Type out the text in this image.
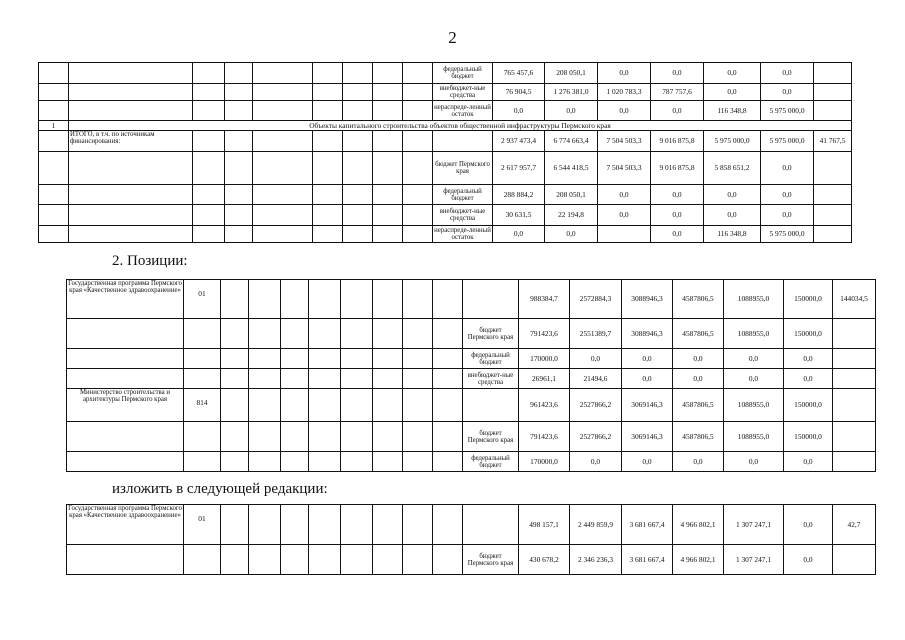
2
									федеральный бюджет	765 457,6	208 050,1	0,0	0,0	0,0	0,0	
									внебюджет-ные средства	76 904,5	1 276 381,0	1 020 783,3	787 757,6	0,0	0,0	
									нераспреде-ленный остаток	0,0	0,0	0,0	0,0	116 348,8	5 975 000,0	
1	Объекты капитального строительства объектов общественной инфраструктуры Пермского края															
	ИТОГО, в т.ч. по источникам финансирования:									2 937 473,4	6 774 663,4	7 504 503,3	9 016 875,8	5 975 000,0	5 975 000,0	41 767,5
									бюджет Пермского края	2 617 957,7	6 544 418,5	7 504 503,3	9 016 875,8	5 858 651,2	0,0	
									федеральный бюджет	288 884,2	208 050,1	0,0	0,0	0,0	0,0	
									внебюджет-ные средства	30 631,5	22 194,8	0,0	0,0	0,0	0,0	
									нераспреде-ленный остаток	0,0	0,0		0,0	116 348,8	5 975 000,0	
2. Позиции:
Государственная программа Пермского края «Качественное здравоохранение»	01										988384,7	2572884,3	3088946,3	4587806,5	1088955,0	150000,0	144034,5
										бюджет Пермского края	791423,6	2551389,7	3088946,3	4587806,5	1088955,0	150000,0	
										федеральный бюджет	170000,0	0,0	0,0	0,0	0,0	0,0	
										внебюджет-ные средства	26961,1	21494,6	0,0	0,0	0,0	0,0	
Министерство строительства и архитектуры Пермского края	814										961423,6	2527866,2	3069146,3	4587806,5	1088955,0	150000,0	
										бюджет Пермского края	791423,6	2527866,2	3069146,3	4587806,5	1088955,0	150000,0	
										федеральный бюджет	170000,0	0,0	0,0	0,0	0,0	0,0	
изложить в следующей редакции:
Государственная программа Пермского края «Качественное здравоохранение»	01										498 157,1	2 449 859,9	3 681 667,4	4 966 802,1	1 307 247,1	0,0	42,7
										бюджет Пермского края	430 678,2	2 346 236,3	3 681 667,4	4 966 802,1	1 307 247,1	0,0	
